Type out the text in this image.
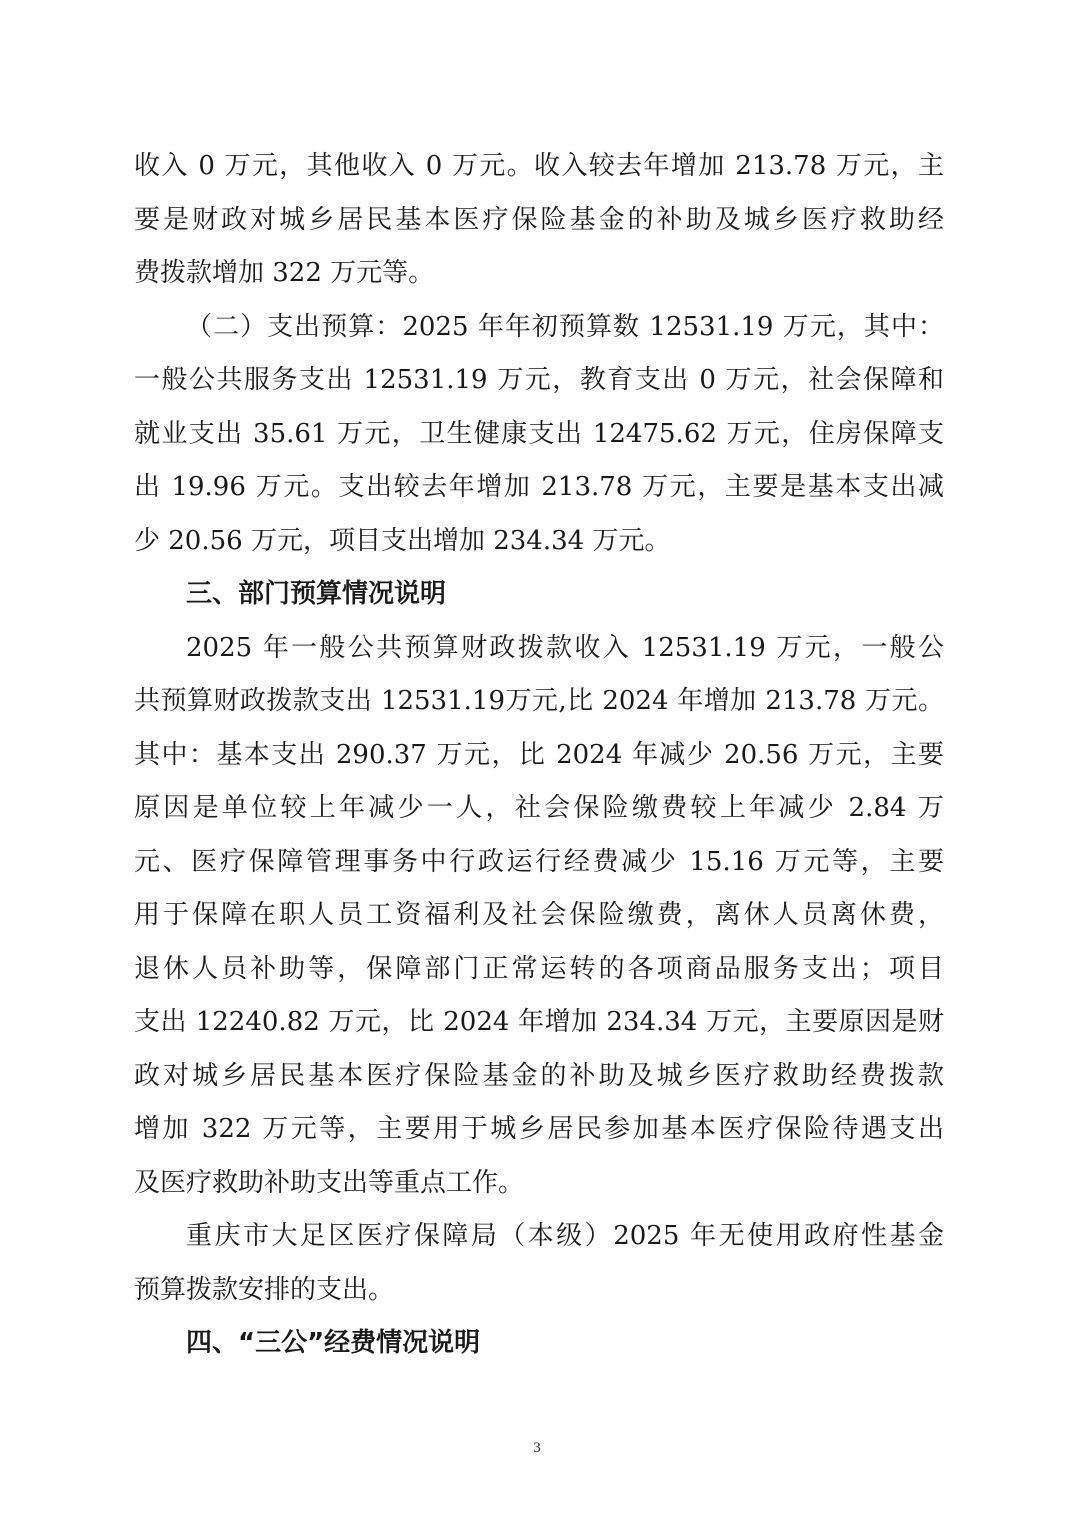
收入 0 万元，其他收入 0 万元。收入较去年增加 213.78 万元，主
要是财政对城乡居民基本医疗保险基金的补助及城乡医疗救助经
费拨款增加 322 万元等。
（二）支出预算：2025 年年初预算数 12531.19 万元，其中：
一般公共服务支出 12531.19 万元，教育支出 0 万元，社会保障和
就业支出 35.61 万元，卫生健康支出 12475.62 万元，住房保障支
出 19.96 万元。支出较去年增加 213.78 万元，主要是基本支出减
少 20.56 万元，项目支出增加 234.34 万元。
三、部门预算情况说明
2025 年一般公共预算财政拨款收入 12531.19 万元，一般公
共预算财政拨款支出 12531.19万元,比 2024 年增加 213.78 万元。
其中：基本支出 290.37 万元，比 2024 年减少 20.56 万元，主要
原因是单位较上年减少一人，社会保险缴费较上年减少 2.84 万
元、医疗保障管理事务中行政运行经费减少 15.16 万元等，主要
用于保障在职人员工资福利及社会保险缴费，离休人员离休费，
退休人员补助等，保障部门正常运转的各项商品服务支出；项目
支出 12240.82 万元，比 2024 年增加 234.34 万元，主要原因是财
政对城乡居民基本医疗保险基金的补助及城乡医疗救助经费拨款
增加 322 万元等，主要用于城乡居民参加基本医疗保险待遇支出
及医疗救助补助支出等重点工作。
重庆市大足区医疗保障局（本级）2025 年无使用政府性基金
预算拨款安排的支出。
四、“三公”经费情况说明
3
